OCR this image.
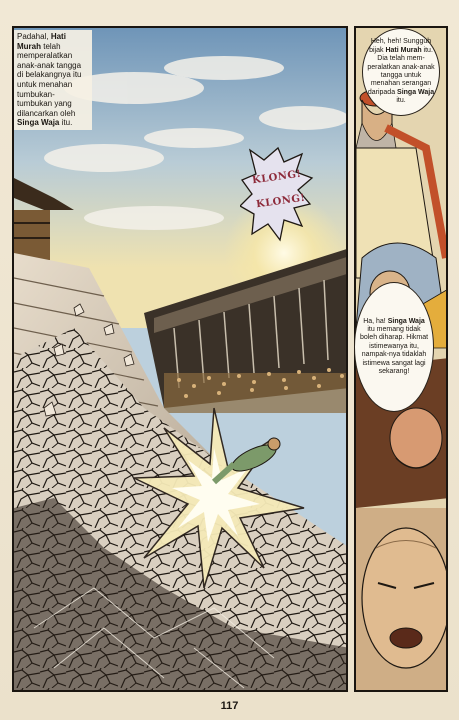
KLONG!
KLONG!
Padahal, Hati Murah telah memperalatkan anak-anak tangga di belakangnya itu untuk menahan tumbukan-tumbukan yang dilancarkan oleh Singa Waja itu.
Heh, heh! Sungguh bijak Hati Murah itu. Dia telah mem-peralatkan anak-anak tangga untuk menahan serangan daripada Singa Waja itu.
Ha, ha! Singa Waja itu memang tidak boleh diharap. Hikmat istimewanya itu, nampak-nya tidaklah istimewa sangat lagi sekarang!
117
